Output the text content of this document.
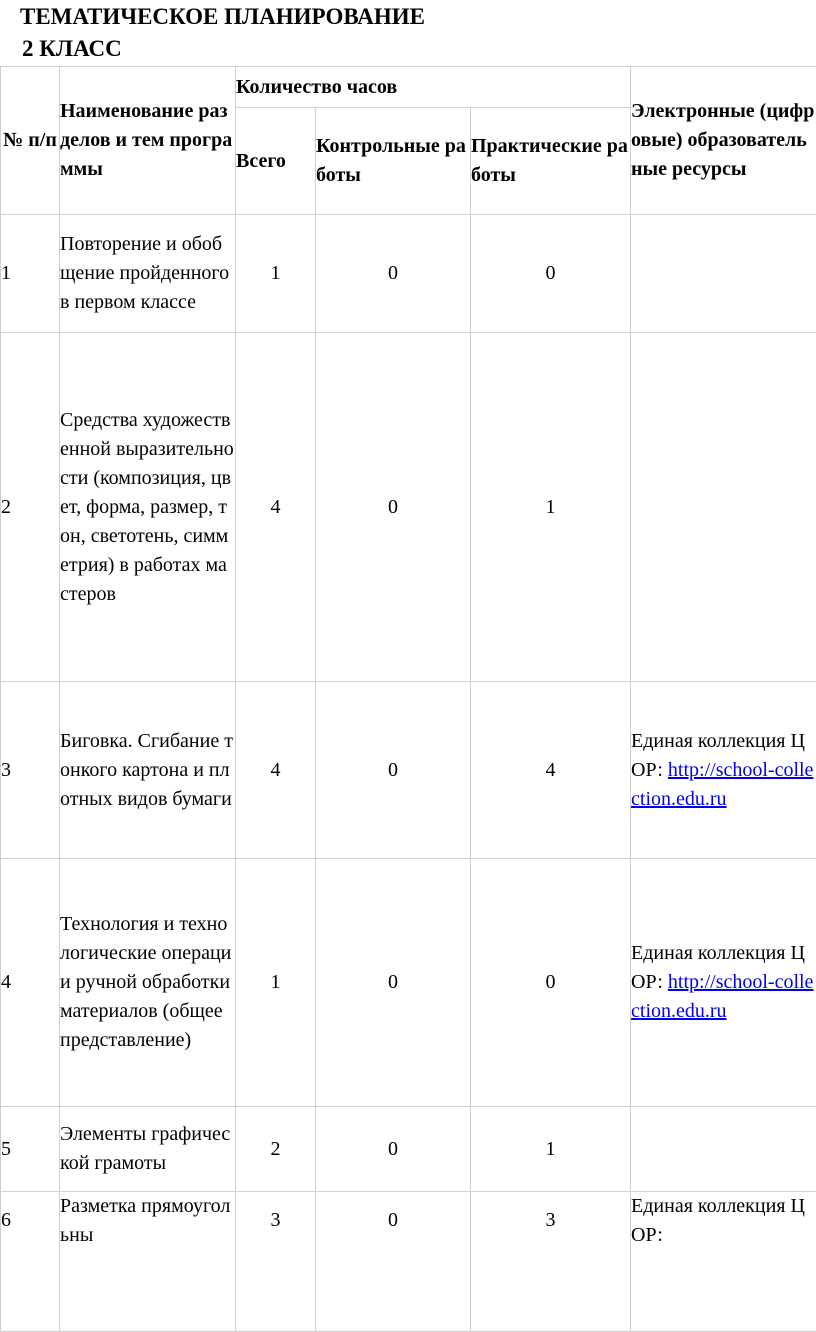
ТЕМАТИЧЕСКОЕ ПЛАНИРОВАНИЕ
2 КЛАСС
№ п/п	Наименование разделов и тем программы	Количество часов			Электронные (цифровые) образовательные ресурсы
		Всего	Контрольные работы	Практические работы	
1	Повторение и обобщение пройденного в первом классе	1	0	0	
2	Средства художественной выразительности (композиция, цвет, форма, размер, тон, светотень, симметрия) в работах мастеров	4	0	1	
3	Биговка. Сгибание тонкого картона и плотных видов бумаги	4	0	4	Единая коллекция ЦОР: http://school-collection.edu.ru
4	Технология и технологические операции ручной обработки материалов (общее представление)	1	0	0	Единая коллекция ЦОР: http://school-collection.edu.ru
5	Элементы графической грамоты	2	0	1	
6	Разметка прямоугольны	3	0	3	Единая коллекция ЦОР:
